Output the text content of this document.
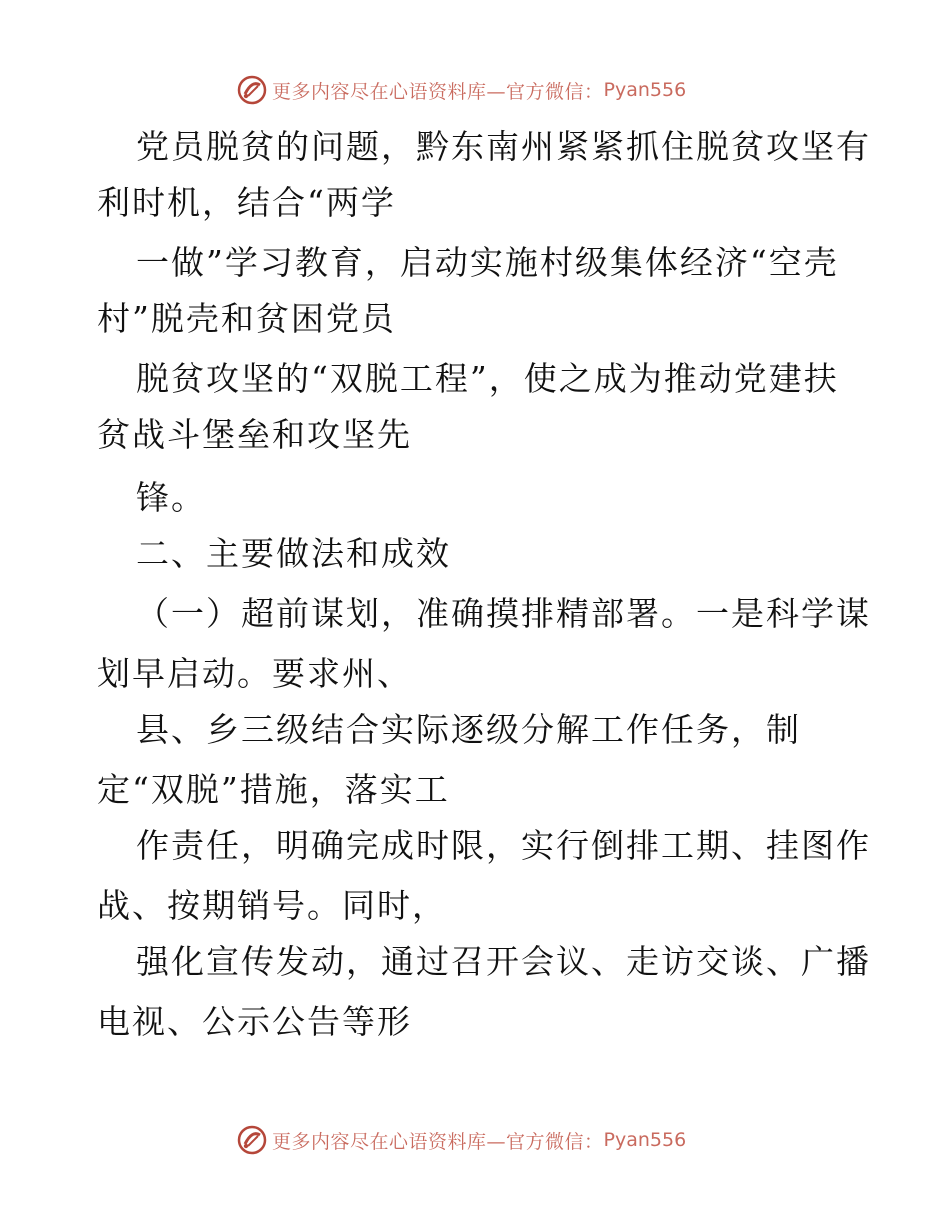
更多内容尽在心语资料库—官方微信： Pyan556
党员脱贫的问题，黔东南州紧紧抓住脱贫攻坚有
利时机，结合“两学
一做”学习教育，启动实施村级集体经济“空壳
村”脱壳和贫困党员
脱贫攻坚的“双脱工程”，使之成为推动党建扶
贫战斗堡垒和攻坚先
锋。
二、主要做法和成效
（一）超前谋划，准确摸排精部署。一是科学谋
划早启动。要求州、
县、乡三级结合实际逐级分解工作任务，制
定“双脱”措施，落实工
作责任，明确完成时限，实行倒排工期、挂图作
战、按期销号。同时，
强化宣传发动，通过召开会议、走访交谈、广播
电视、公示公告等形
更多内容尽在心语资料库—官方微信： Pyan556
